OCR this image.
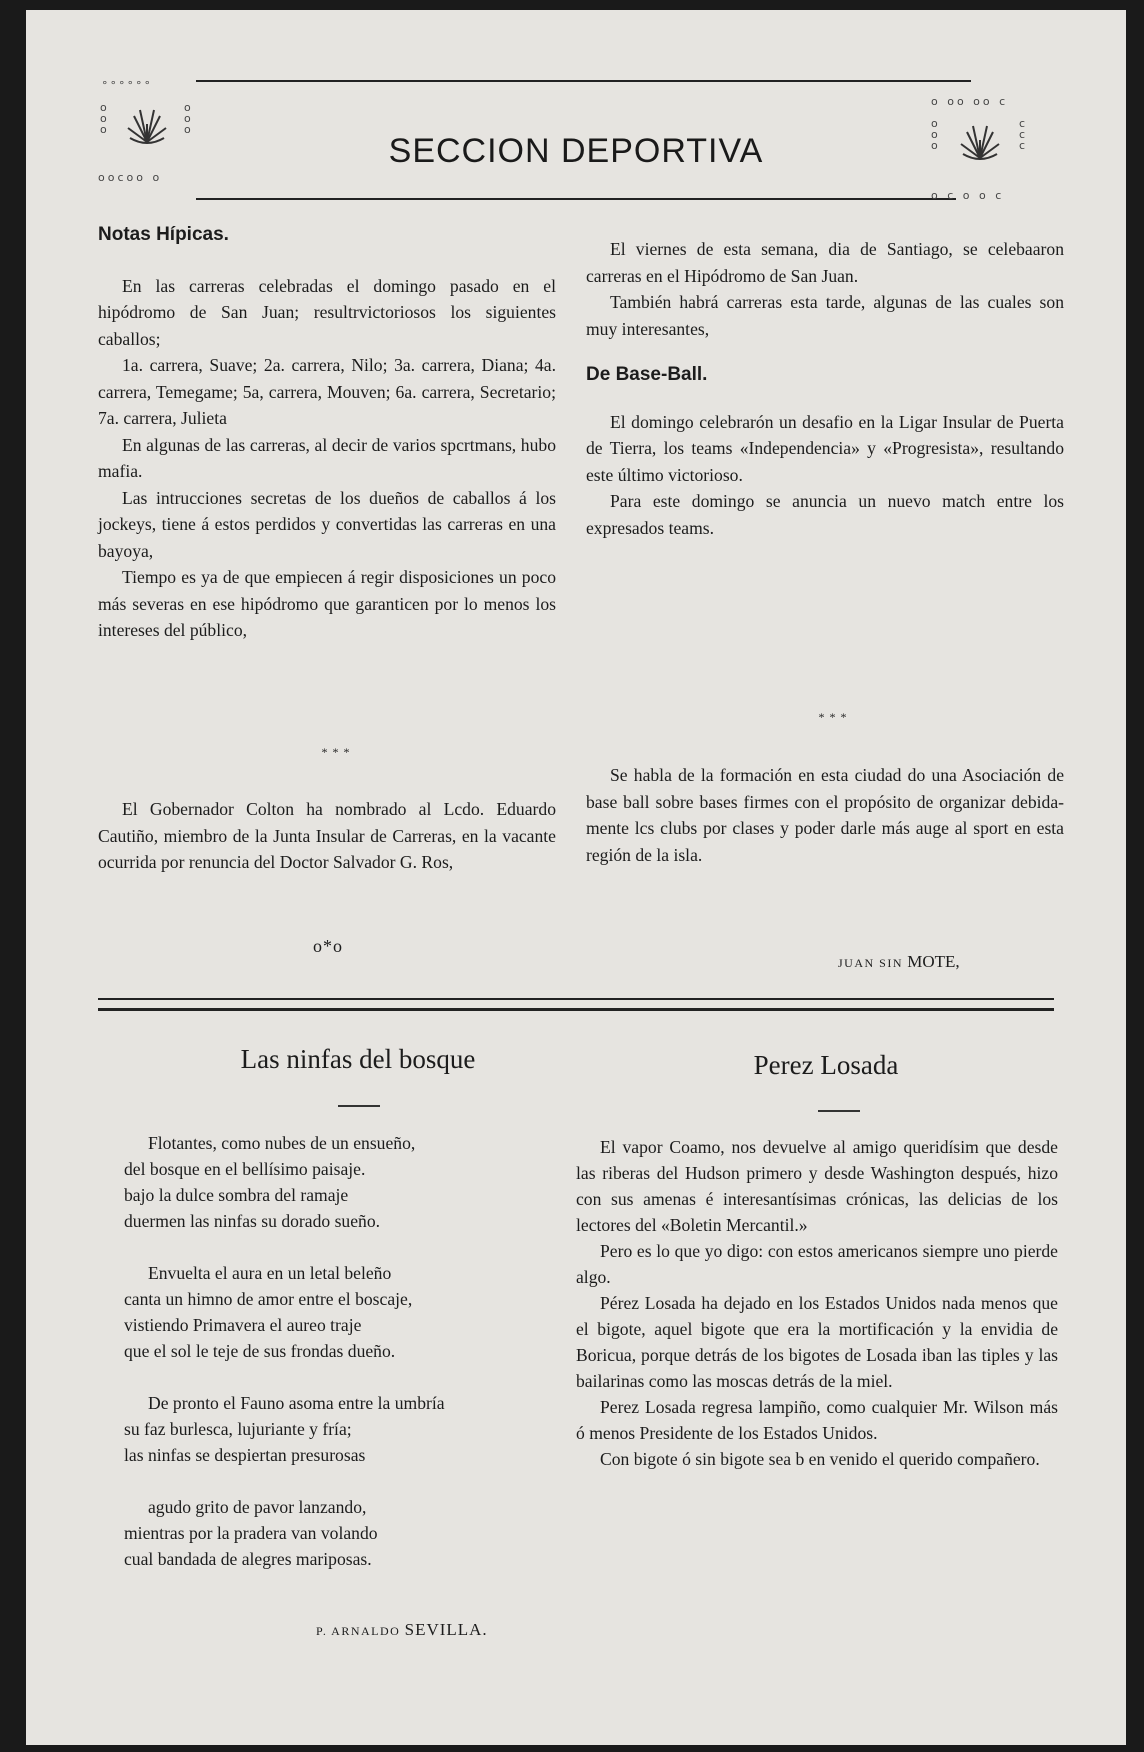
°°°°°°
o
o
o
o
o
o
oocoo o
o oo oo c
o
o
o
c
c
c
o c o o c
SECCION DEPORTIVA

Notas Hípicas.

En las carreras celebradas el domingo pasado en el hipódromo de San Juan; resultrvictoriosos los siguientes caballos;

1a. carrera, Suave; 2a. carrera, Nilo; 3a. carrera, Diana; 4a. carrera, Temegame; 5a, carrera, Mouven; 6a. carrera, Secretario; 7a. carrera, Julieta

En algunas de las carreras, al decir de varios spcrtmans, hubo mafia.

Las intrucciones secretas de los dueños de caballos á los jockeys, tiene á estos perdidos y convertidas las carreras en una bayoya,

Tiempo es ya de que empiecen á regir disposiciones un poco más severas en ese hipódromo que garanticen por lo menos los intereses del público,

* * *

El Gobernador Colton ha nombrado al Lcdo. Eduardo Cautiño, miembro de la Junta Insular de Carreras, en la vacante ocurrida por renuncia del Doctor Salvador G. Ros,

o*o

El viernes de esta semana, dia de Santiago, se celebaaron carreras en el Hipódromo de San Juan.

También habrá carreras esta tarde, algunas de las cuales son muy interesantes,

De Base-Ball.

El domingo celebrarón un desafio en la Ligar Insular de Puerta de Tierra, los teams «Independencia» y «Progresista», resultando este último victorioso.

Para este domingo se anuncia un nuevo match entre los expresados teams.

* * *

Se habla de la formación en esta ciudad do una Asociación de base ball sobre bases firmes con el propósito de organizar debidamente lcs clubs por clases y poder darle más auge al sport en esta región de la isla.

JUAN SIN MOTE,
Las ninfas del bosque
Flotantes, como nubes de un ensueño,
del bosque en el bellísimo paisaje.
bajo la dulce sombra del ramaje
duermen las ninfas su dorado sueño.
Envuelta el aura en un letal beleño
canta un himno de amor entre el boscaje,
vistiendo Primavera el aureo traje
que el sol le teje de sus frondas dueño.
De pronto el Fauno asoma entre la umbría
su faz burlesca, lujuriante y fría;
las ninfas se despiertan presurosas
agudo grito de pavor lanzando,
mientras por la pradera van volando
cual bandada de alegres mariposas.
P. ARNALDO SEVILLA.
Perez Losada

El vapor Coamo, nos devuelve al amigo queridísim que desde las riberas del Hudson primero y desde Washington después, hizo con sus amenas é interesantísimas crónicas, las delicias de los lectores del «Boletin Mercantil.»

Pero es lo que yo digo: con estos americanos siempre uno pierde algo.

Pérez Losada ha dejado en los Estados Unidos nada menos que el bigote, aquel bigote que era la mortificación y la envidia de Boricua, porque detrás de los bigotes de Losada iban las tiples y las bailarinas como las moscas detrás de la miel.

Perez Losada regresa lampiño, como cualquier Mr. Wilson más ó menos Presidente de los Estados Unidos.

Con bigote ó sin bigote sea b en venido el querido compañero.
